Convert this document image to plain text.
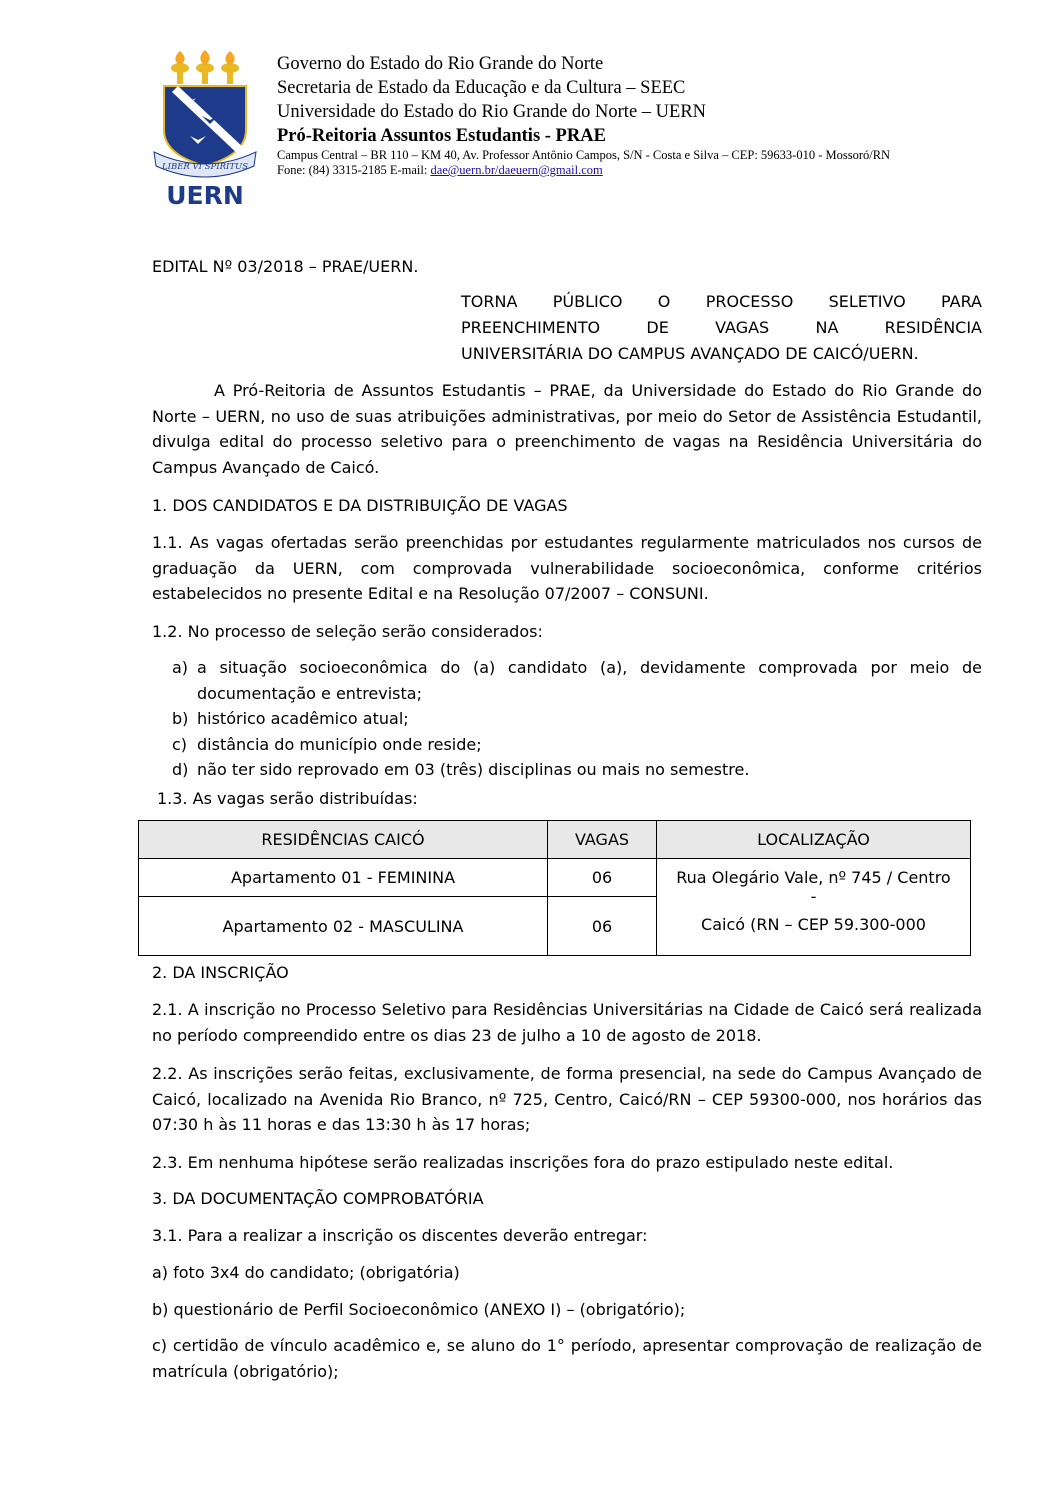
LIBER VI SPIRITUS
UERN
Governo do Estado do Rio Grande do Norte
Secretaria de Estado da Educação e da Cultura – SEEC
Universidade do Estado do Rio Grande do Norte – UERN
Pró-Reitoria Assuntos Estudantis - PRAE
Campus Central – BR 110 – KM 40, Av. Professor Antônio Campos, S/N - Costa e Silva – CEP: 59633-010 - Mossoró/RN
Fone: (84) 3315-2185 E-mail: dae@uern.br/daeuern@gmail.com
EDITAL Nº 03/2018 – PRAE/UERN.
TORNA PÚBLICO O PROCESSO SELETIVO PARA
PREENCHIMENTO DE VAGAS NA RESIDÊNCIA
UNIVERSITÁRIA DO CAMPUS AVANÇADO DE CAICÓ/UERN.

A Pró-Reitoria de Assuntos Estudantis – PRAE, da Universidade do Estado do Rio Grande do Norte – UERN, no uso de suas atribuições administrativas, por meio do Setor de Assistência Estudantil, divulga edital do processo seletivo para o preenchimento de vagas na Residência Universitária do Campus Avançado de Caicó.

1. DOS CANDIDATOS E DA DISTRIBUIÇÃO DE VAGAS

1.1. As vagas ofertadas serão preenchidas por estudantes regularmente matriculados nos cursos de graduação da UERN, com comprovada vulnerabilidade socioeconômica, conforme critérios estabelecidos no presente Edital e na Resolução 07/2007 – CONSUNI.

1.2. No processo de seleção serão considerados:
a) a situação socioeconômica do (a) candidato (a), devidamente comprovada por meio de documentação e entrevista;
b) histórico acadêmico atual;
c) distância do município onde reside;
d) não ter sido reprovado em 03 (três) disciplinas ou mais no semestre.
1.3. As vagas serão distribuídas:
RESIDÊNCIAS CAICÓ	VAGAS	LOCALIZAÇÃO
Apartamento 01 - FEMININA	06	Rua Olegário Vale, nº 745 / Centro
-
Caicó (RN – CEP 59.300-000

Apartamento 02 - MASCULINA	06	
2. DA INSCRIÇÃO

2.1. A inscrição no Processo Seletivo para Residências Universitárias na Cidade de Caicó será realizada no período compreendido entre os dias 23 de julho a 10 de agosto de 2018.

2.2. As inscrições serão feitas, exclusivamente, de forma presencial, na sede do Campus Avançado de Caicó, localizado na Avenida Rio Branco, nº 725, Centro, Caicó/RN – CEP 59300-000, nos horários das 07:30 h às 11 horas e das 13:30 h às 17 horas;

2.3. Em nenhuma hipótese serão realizadas inscrições fora do prazo estipulado neste edital.

3. DA DOCUMENTAÇÃO COMPROBATÓRIA
3.1. Para a realizar a inscrição os discentes deverão entregar:
a) foto 3x4 do candidato; (obrigatória)
b) questionário de Perfil Socioeconômico (ANEXO I) – (obrigatório);

c) certidão de vínculo acadêmico e, se aluno do 1° período, apresentar comprovação de realização de matrícula (obrigatório);
